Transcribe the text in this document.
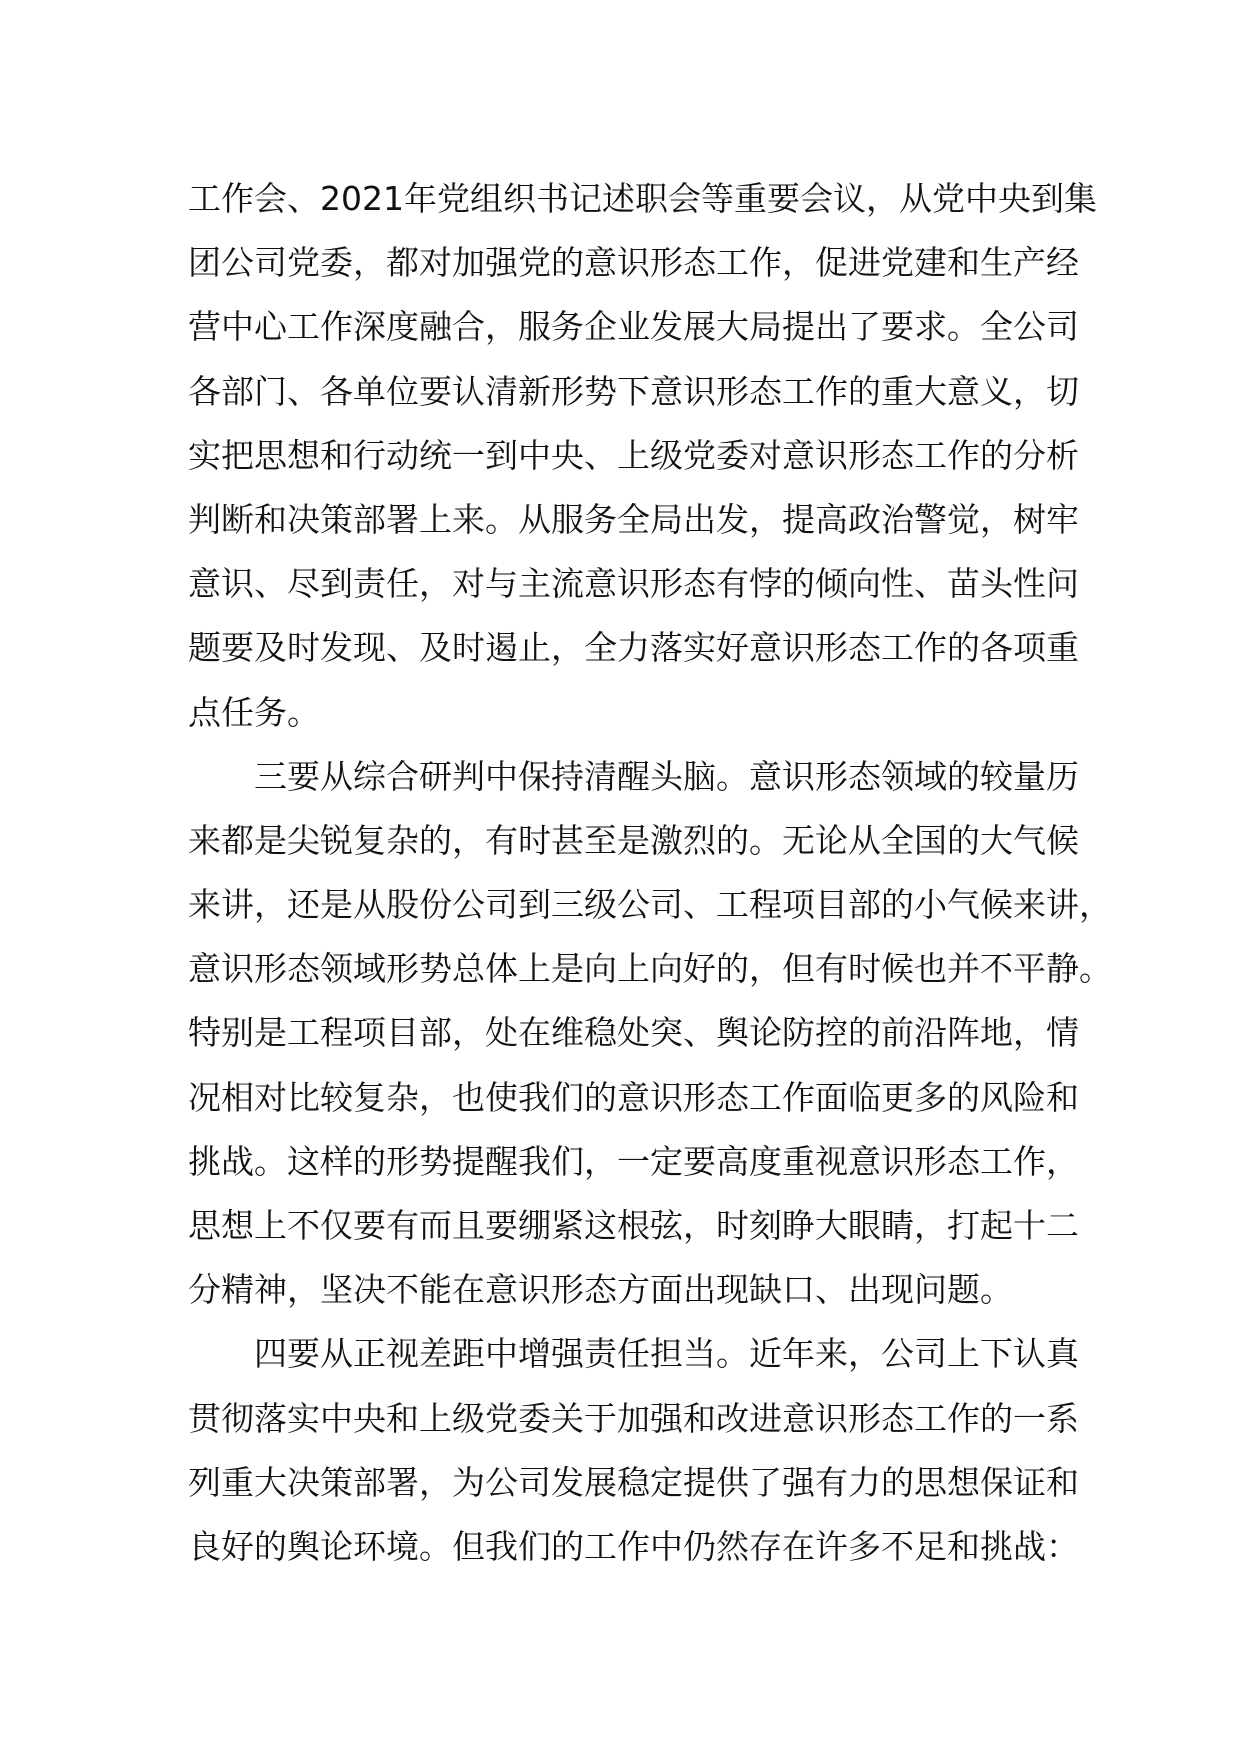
工作会、2021年党组织书记述职会等重要会议，从党中央到集
团公司党委，都对加强党的意识形态工作，促进党建和生产经
营中心工作深度融合，服务企业发展大局提出了要求。全公司
各部门、各单位要认清新形势下意识形态工作的重大意义，切
实把思想和行动统一到中央、上级党委对意识形态工作的分析
判断和决策部署上来。从服务全局出发，提高政治警觉，树牢
意识、尽到责任，对与主流意识形态有悖的倾向性、苗头性问
题要及时发现、及时遏止，全力落实好意识形态工作的各项重
点任务。
三要从综合研判中保持清醒头脑。意识形态领域的较量历
来都是尖锐复杂的，有时甚至是激烈的。无论从全国的大气候
来讲，还是从股份公司到三级公司、工程项目部的小气候来讲，
意识形态领域形势总体上是向上向好的，但有时候也并不平静。
特别是工程项目部，处在维稳处突、舆论防控的前沿阵地，情
况相对比较复杂，也使我们的意识形态工作面临更多的风险和
挑战。这样的形势提醒我们，一定要高度重视意识形态工作，
思想上不仅要有而且要绷紧这根弦，时刻睁大眼睛，打起十二
分精神，坚决不能在意识形态方面出现缺口、出现问题。
四要从正视差距中增强责任担当。近年来，公司上下认真
贯彻落实中央和上级党委关于加强和改进意识形态工作的一系
列重大决策部署，为公司发展稳定提供了强有力的思想保证和
良好的舆论环境。但我们的工作中仍然存在许多不足和挑战：
